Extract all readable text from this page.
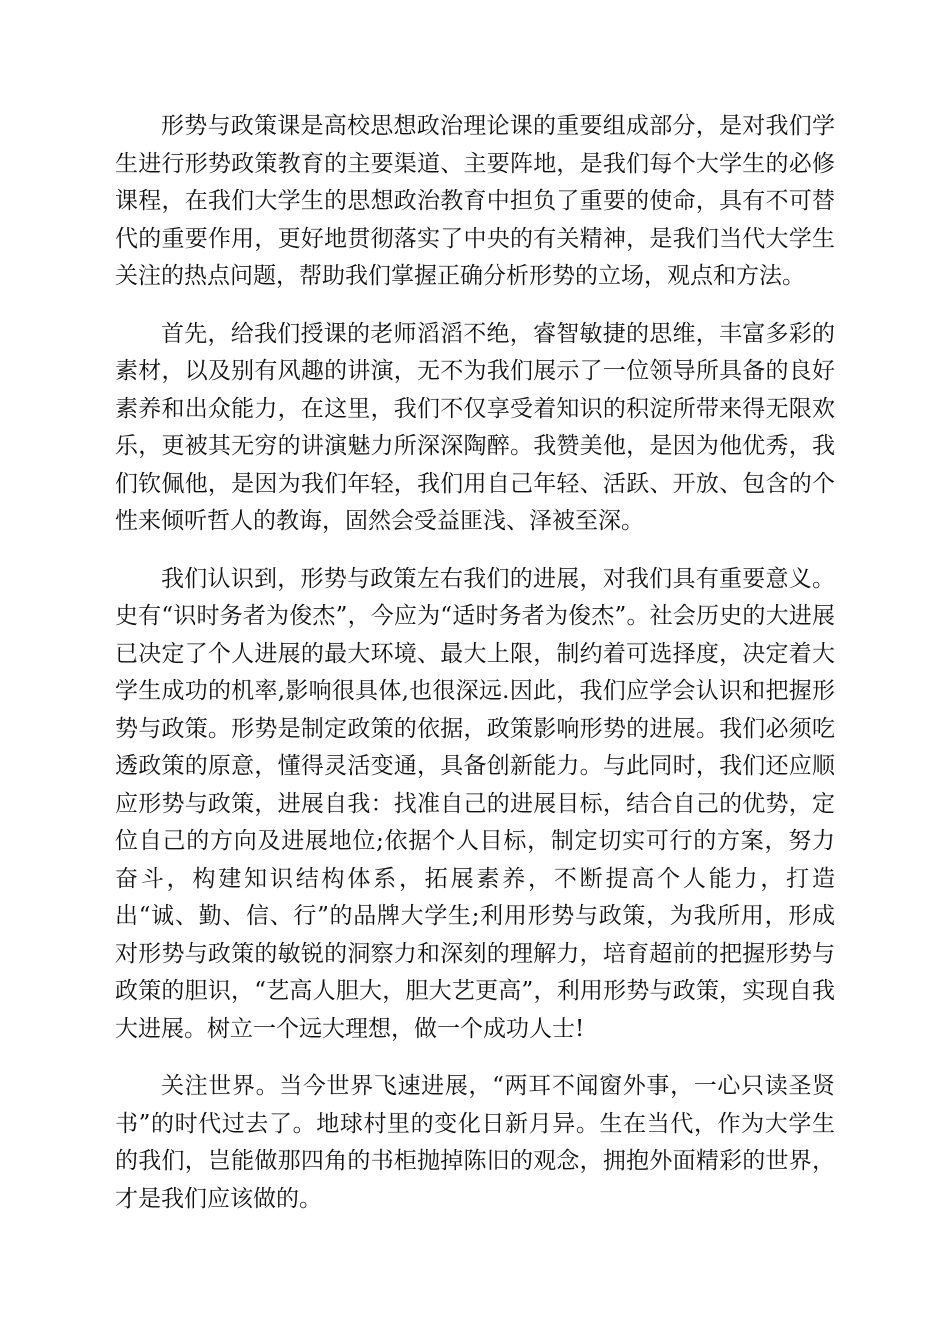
形势与政策课是高校思想政治理论课的重要组成部分，是对我们学生进行形势政策教育的主要渠道、主要阵地，是我们每个大学生的必修课程，在我们大学生的思想政治教育中担负了重要的使命，具有不可替代的重要作用，更好地贯彻落实了中央的有关精神，是我们当代大学生关注的热点问题，帮助我们掌握正确分析形势的立场，观点和方法。

首先，给我们授课的老师滔滔不绝，睿智敏捷的思维，丰富多彩的素材，以及别有风趣的讲演，无不为我们展示了一位领导所具备的良好素养和出众能力，在这里，我们不仅享受着知识的积淀所带来得无限欢乐，更被其无穷的讲演魅力所深深陶醉。我赞美他，是因为他优秀，我们钦佩他，是因为我们年轻，我们用自己年轻、活跃、开放、包含的个性来倾听哲人的教诲，固然会受益匪浅、泽被至深。

我们认识到，形势与政策左右我们的进展，对我们具有重要意义。史有“识时务者为俊杰”，今应为“适时务者为俊杰”。社会历史的大进展已决定了个人进展的最大环境、最大上限，制约着可选择度，决定着大学生成功的机率,影响很具体,也很深远.因此，我们应学会认识和把握形势与政策。形势是制定政策的依据，政策影响形势的进展。我们必须吃透政策的原意，懂得灵活变通，具备创新能力。与此同时，我们还应顺应形势与政策，进展自我：找准自己的进展目标，结合自己的优势，定位自己的方向及进展地位;依据个人目标，制定切实可行的方案，努力奋斗，构建知识结构体系，拓展素养，不断提高个人能力，打造出“诚、勤、信、行”的品牌大学生;利用形势与政策，为我所用，形成对形势与政策的敏锐的洞察力和深刻的理解力，培育超前的把握形势与政策的胆识，“艺高人胆大，胆大艺更高”，利用形势与政策，实现自我大进展。树立一个远大理想，做一个成功人士!

关注世界。当今世界飞速进展，“两耳不闻窗外事，一心只读圣贤书”的时代过去了。地球村里的变化日新月异。生在当代，作为大学生的我们，岂能做那四角的书柜抛掉陈旧的观念，拥抱外面精彩的世界，才是我们应该做的。
